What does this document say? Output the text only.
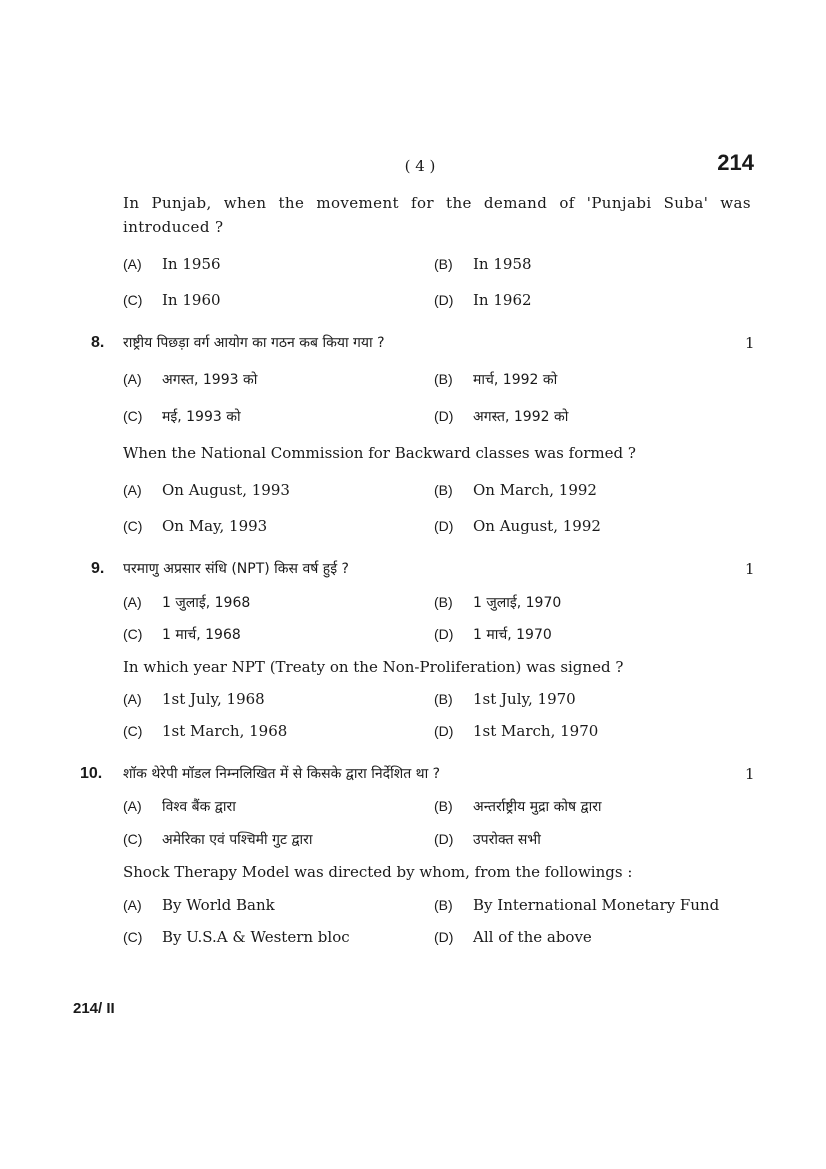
( 4 )	214
In Punjab, when the movement for the demand of 'Punjabi Suba' was introduced ?
(A) In 1956	(B) In 1958
(C) In 1960	(D) In 1962
8. राष्ट्रीय पिछड़ा वर्ग आयोग का गठन कब किया गया ?	1
(A) अगस्त, 1993 को	(B) मार्च, 1992 को
(C) मई, 1993 को	(D) अगस्त, 1992 को
When the National Commission for Backward classes was formed ?
(A) On August, 1993	(B) On March, 1992
(C) On May, 1993	(D) On August, 1992
9. परमाणु अप्रसार संधि (NPT) किस वर्ष हुई ?	1
(A) 1 जुलाई, 1968	(B) 1 जुलाई, 1970
(C) 1 मार्च, 1968	(D) 1 मार्च, 1970
In which year NPT (Treaty on the Non-Proliferation) was signed ?
(A) 1st July, 1968	(B) 1st July, 1970
(C) 1st March, 1968	(D) 1st March, 1970
10. शॉक थेरेपी मॉडल निम्नलिखित में से किसके द्वारा निर्देशित था ?	1
(A) विश्व बैंक द्वारा	(B) अन्तर्राष्ट्रीय मुद्रा कोष द्वारा
(C) अमेरिका एवं पश्चिमी गुट द्वारा	(D) उपरोक्त सभी
Shock Therapy Model was directed by whom, from the followings :
(A) By World Bank	(B) By International Monetary Fund
(C) By U.S.A & Western bloc	(D) All of the above
214/ II
